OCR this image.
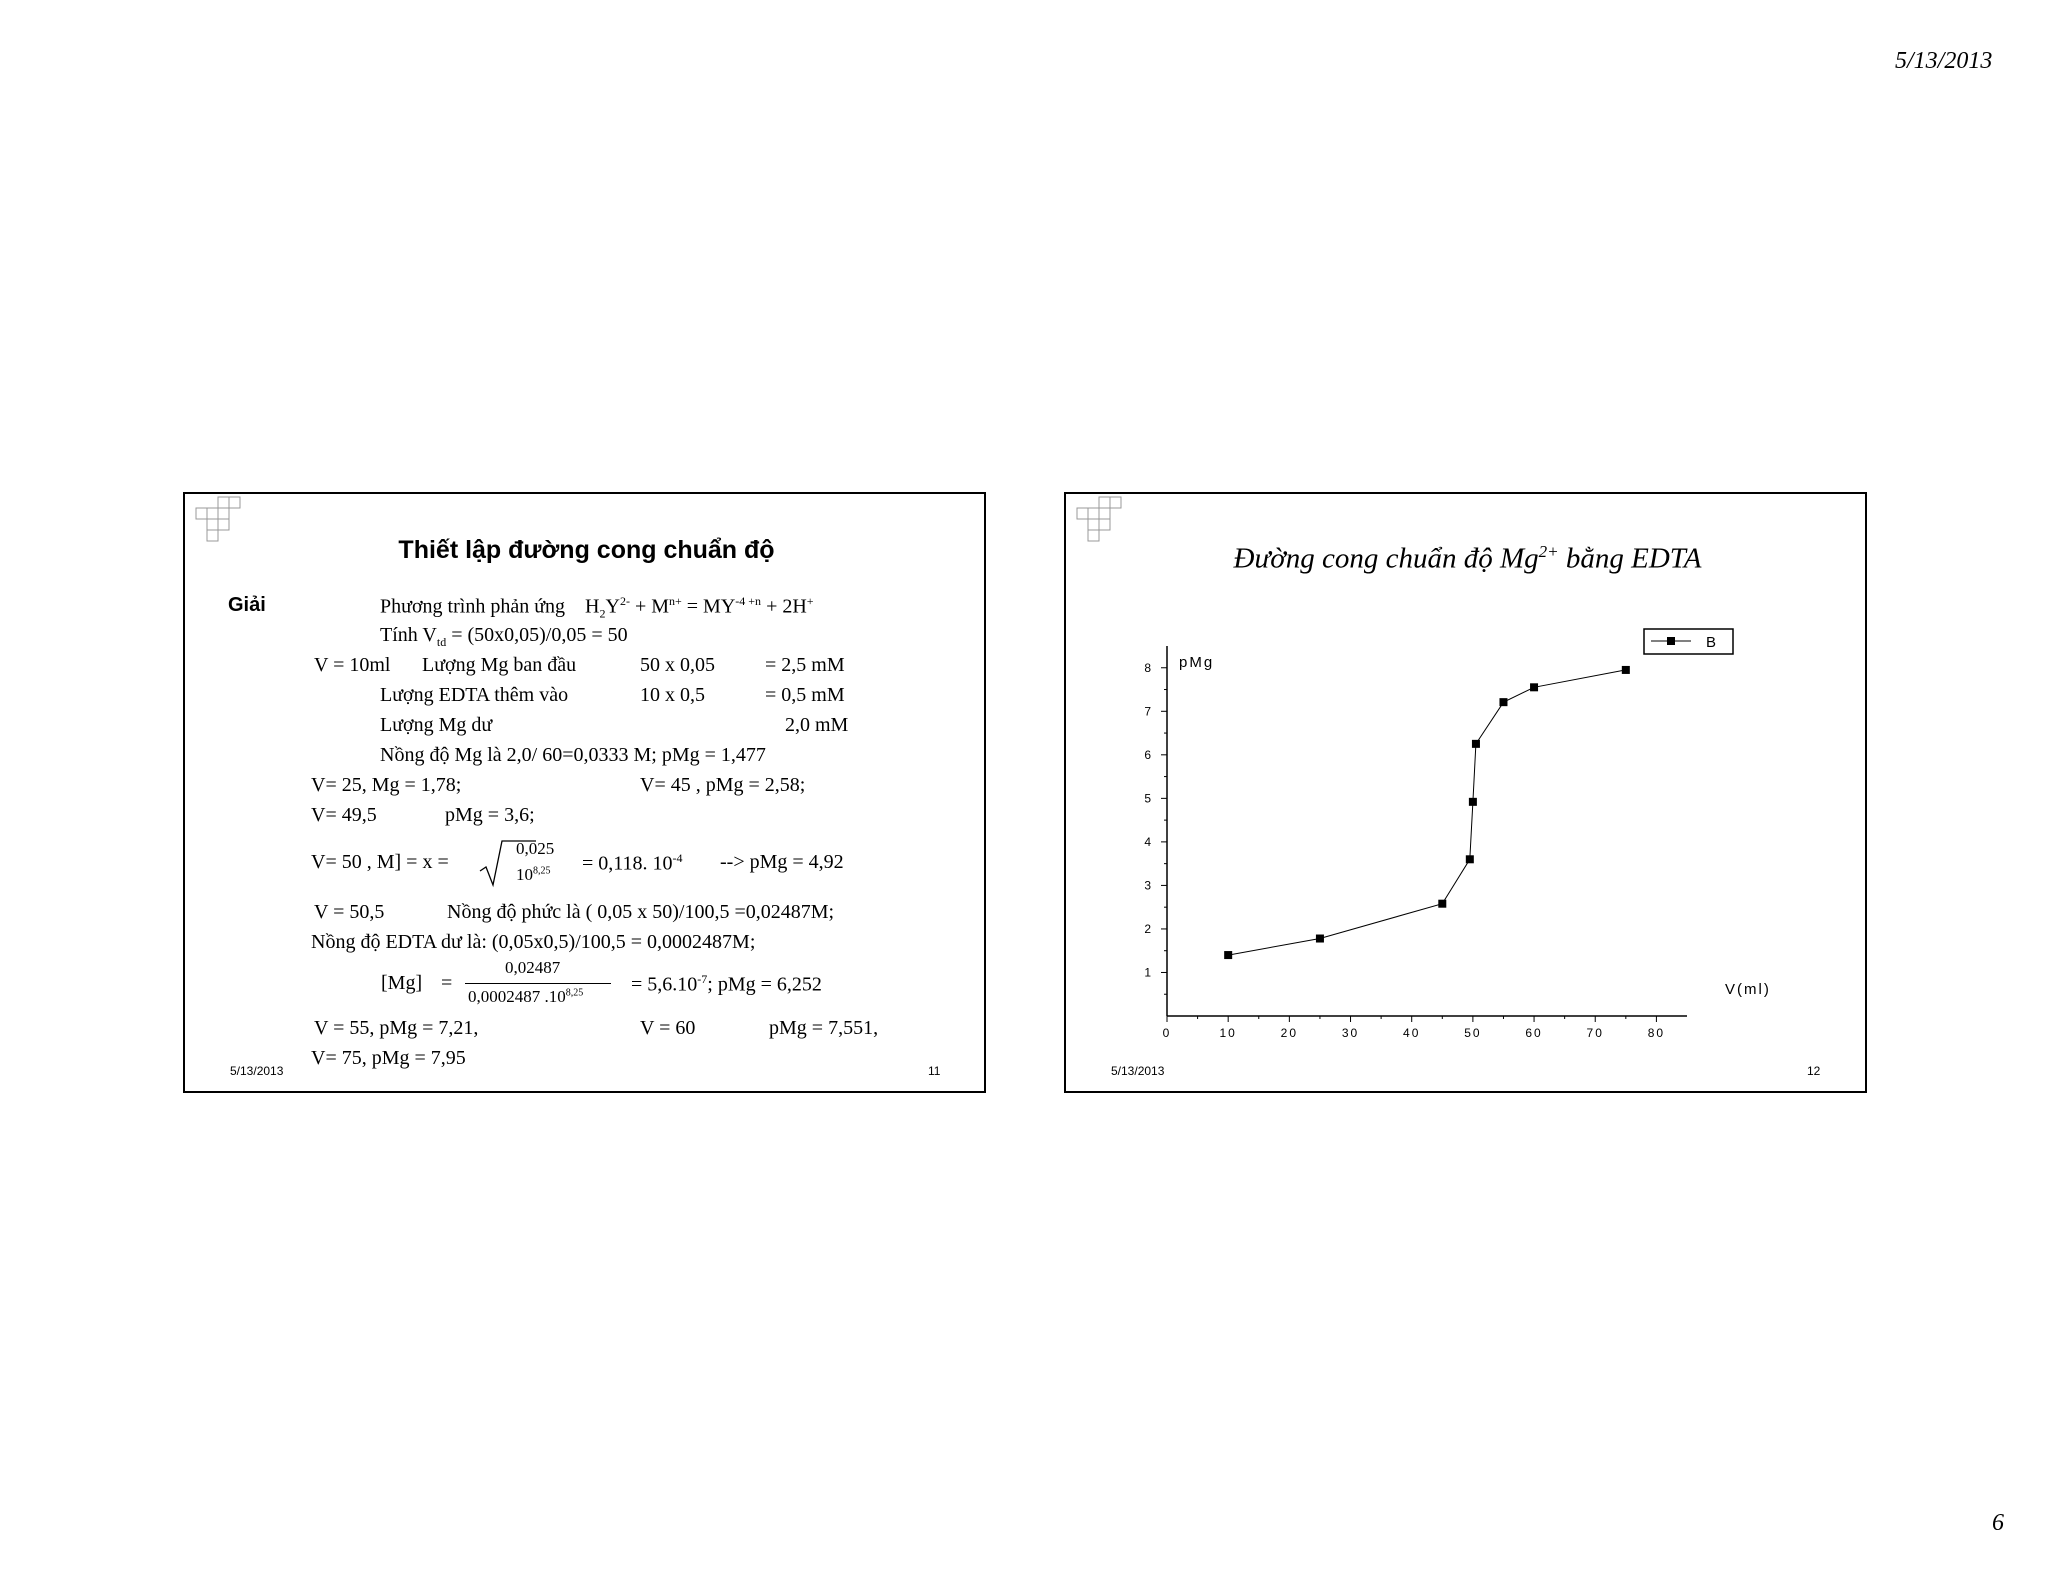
5/13/2013
Thiết lập đường cong chuẩn độ
Giải	Phương trình phản ứng $H_2Y^{2-} + M^{n+} = MY^{-4 +n} + 2H^+$
Tính $V_{td} = (50x0,05)/0,05 = 50$
V = 10ml Lượng Mg ban đầu	50 x 0,05	= 2,5 mM
Lượng EDTA thêm vào	10 x 0,5	= 0,5 mM
Lượng Mg dư	2,0 mM
Nồng độ Mg là 2,0/ 60=0,0333 M; pMg = 1,477
V= 25, Mg = 1,78;	V= 45 , pMg = 2,58;
V= 49,5	pMg = 3,6;
V= 50 , M] = x =
0,025
$10^{8,25} = 0,118$. $10^{-4}$ --> pMg = 4,92
V = 50,5	Nồng độ phức là ( 0,05 x 50)/100,5 =0,02487M;
Nồng độ EDTA dư là: (0,05x0,5)/100,5 = 0,0002487M;
[Mg] =
0,02487
0,0002487 $.10^{8,25} = 5,6.10^{-7}$; pMg = 6,252
V = 55, pMg = 7,21,	V = 60	pMg = 7,551,
V= 75, pMg = 7,95
5/13/2013	11
Đường cong chuẩn độ $Mg^{2+}$ bằng EDTA
0	10	20	30	40	50	60	70	80
1
2
3
4
5
6
7
8 pMg
V(ml)
B
5/13/2013	12
6
